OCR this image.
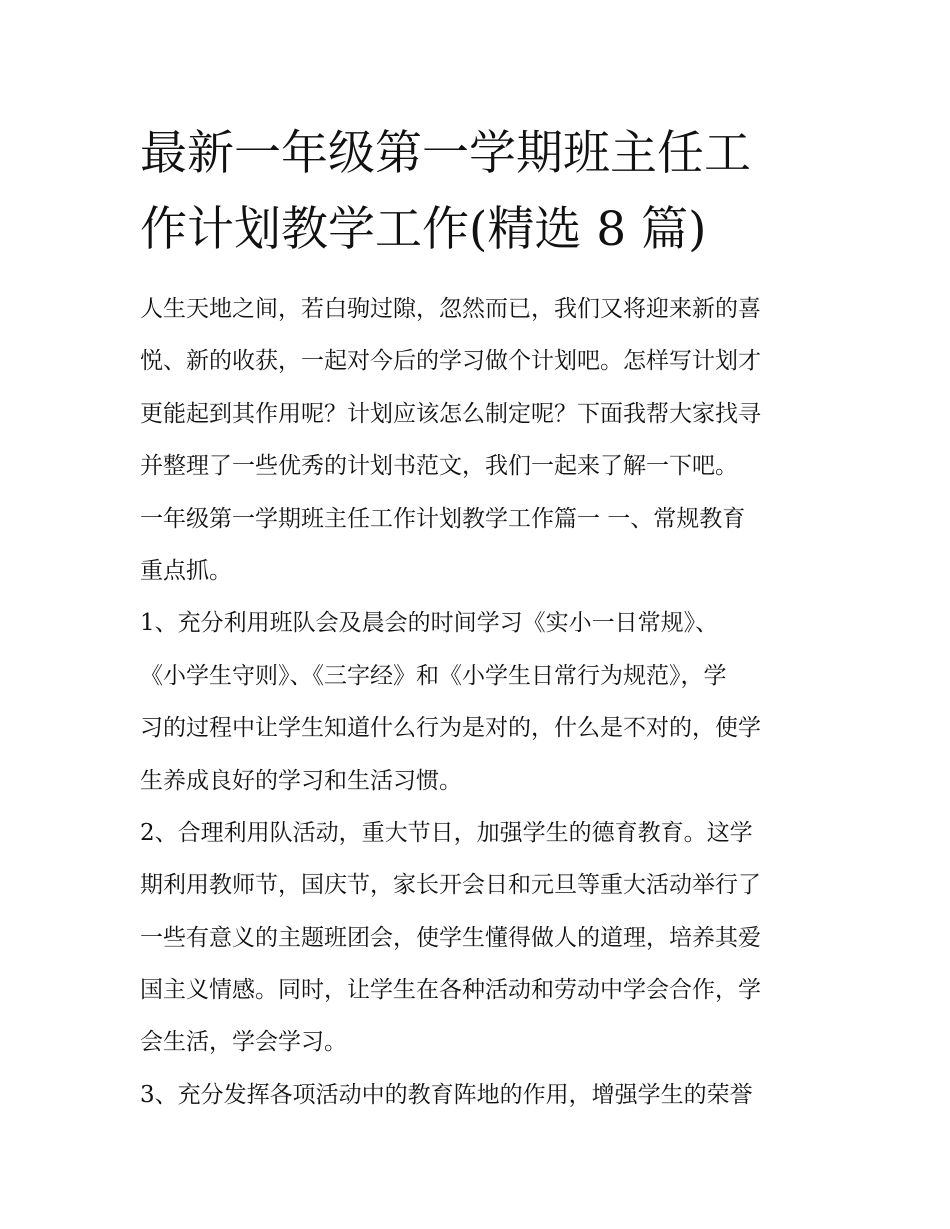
最新一年级第一学期班主任工
作计划教学工作(精选 8 篇)
人生天地之间，若白驹过隙，忽然而已，我们又将迎来新的喜
悦、新的收获，一起对今后的学习做个计划吧。怎样写计划才
更能起到其作用呢？计划应该怎么制定呢？下面我帮大家找寻
并整理了一些优秀的计划书范文，我们一起来了解一下吧。
一年级第一学期班主任工作计划教学工作篇一 一、常规教育
重点抓。
1、充分利用班队会及晨会的时间学习《实小一日常规》、
《小学生守则》、《三字经》和《小学生日常行为规范》，学
习的过程中让学生知道什么行为是对的，什么是不对的，使学
生养成良好的学习和生活习惯。
2、合理利用队活动，重大节日，加强学生的德育教育。这学
期利用教师节，国庆节，家长开会日和元旦等重大活动举行了
一些有意义的主题班团会，使学生懂得做人的道理，培养其爱
国主义情感。同时，让学生在各种活动和劳动中学会合作，学
会生活，学会学习。
3、充分发挥各项活动中的教育阵地的作用，增强学生的荣誉
